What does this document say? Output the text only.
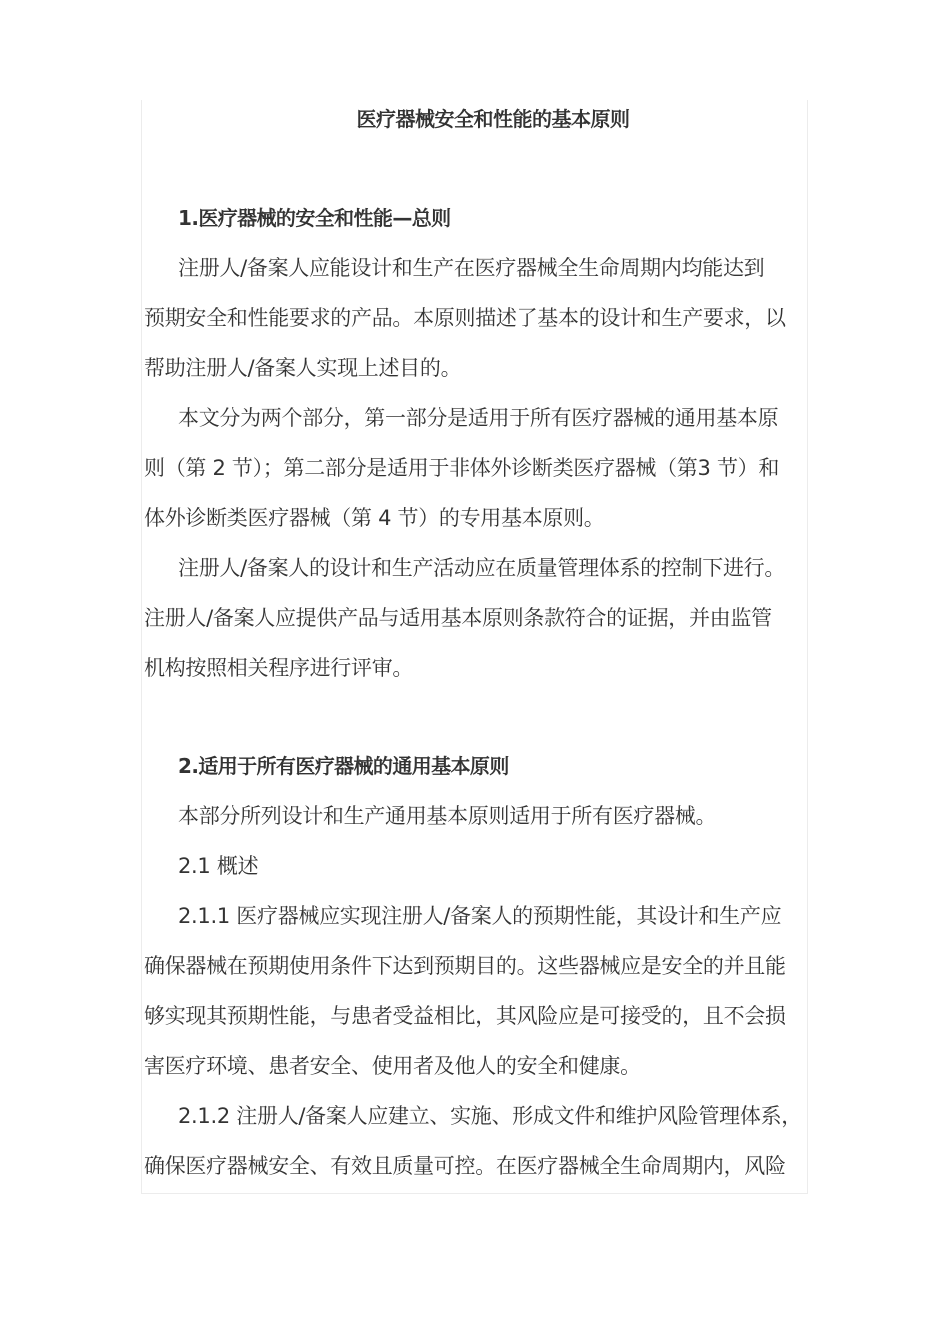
医疗器械安全和性能的基本原则
1.医疗器械的安全和性能—总则
注册人/备案人应能设计和生产在医疗器械全生命周期内均能达到
预期安全和性能要求的产品。本原则描述了基本的设计和生产要求，以
帮助注册人/备案人实现上述目的。
本文分为两个部分，第一部分是适用于所有医疗器械的通用基本原
则（第 2 节）；第二部分是适用于非体外诊断类医疗器械（第3 节）和
体外诊断类医疗器械（第 4 节）的专用基本原则。
注册人/备案人的设计和生产活动应在质量管理体系的控制下进行。
注册人/备案人应提供产品与适用基本原则条款符合的证据，并由监管
机构按照相关程序进行评审。
2.适用于所有医疗器械的通用基本原则
本部分所列设计和生产通用基本原则适用于所有医疗器械。
2.1 概述
2.1.1 医疗器械应实现注册人/备案人的预期性能，其设计和生产应
确保器械在预期使用条件下达到预期目的。这些器械应是安全的并且能
够实现其预期性能，与患者受益相比，其风险应是可接受的，且不会损
害医疗环境、患者安全、使用者及他人的安全和健康。
2.1.2 注册人/备案人应建立、实施、形成文件和维护风险管理体系，
确保医疗器械安全、有效且质量可控。在医疗器械全生命周期内，风险
